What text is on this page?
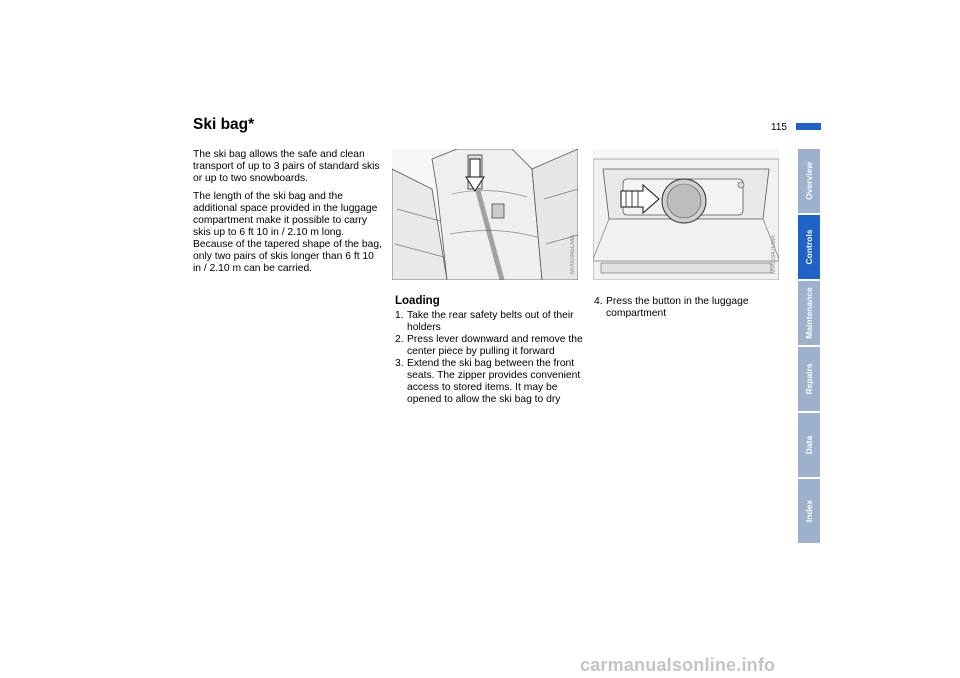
Ski bag*	115

The ski bag allows the safe and clean transport of up to 3 pairs of standard skis or up to two snowboards.

The length of the ski bag and the additional space provided in the luggage compartment make it possible to carry skis up to 6 ft 10 in / 2.10 m long. Because of the tapered shape of the bag, only two pairs of skis longer than 6 ft 10 in / 2.10 m can be carried.	MV00345CMA	MV00347CMA
Loading
1. Take the rear safety belts out of their holders
2. Press lever downward and remove the center piece by pulling it forward
3. Extend the ski bag between the front seats. The zipper provides convenient access to stored items. It may be opened to allow the ski bag to dry
4. Press the button in the luggage compartment
Overview
Controls
Maintenance
Repairs
Data
Index
carmanualsonline.info
